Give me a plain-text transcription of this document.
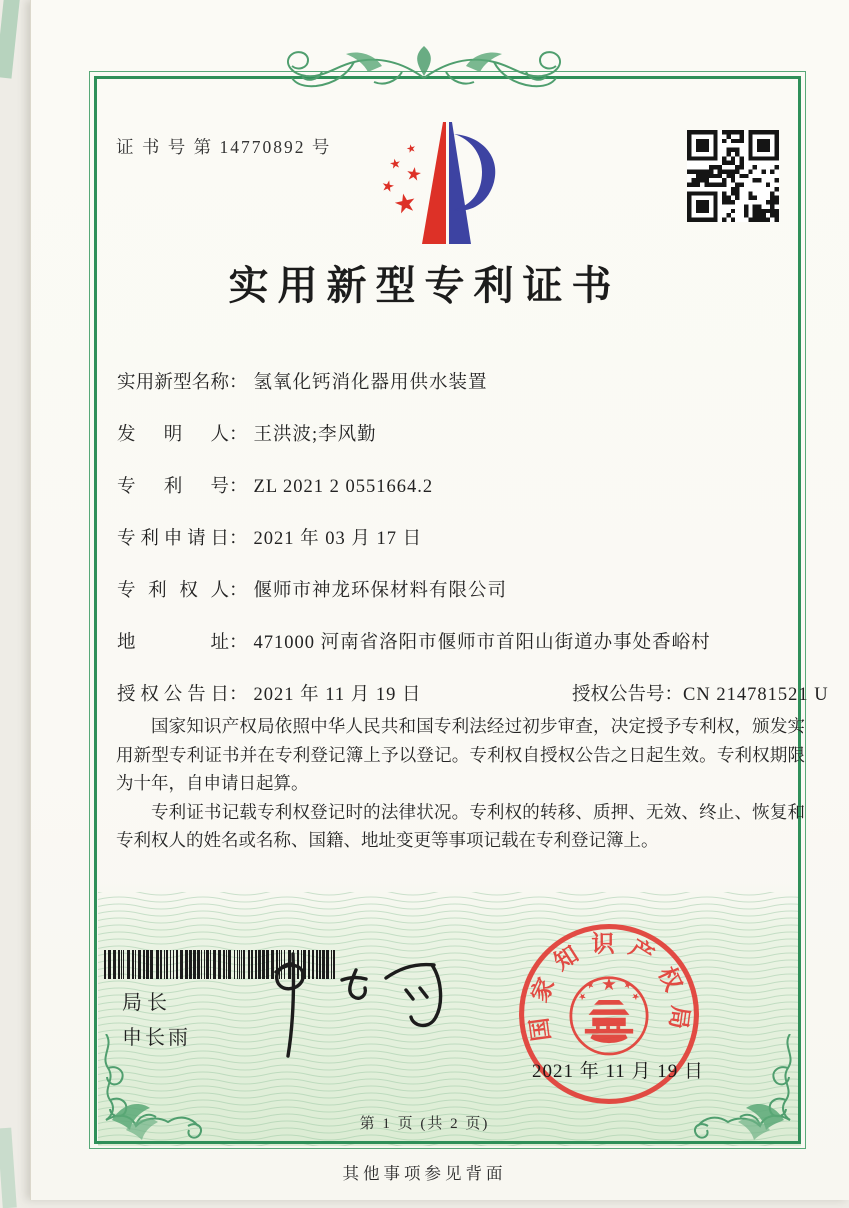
证 书 号 第 14770892 号	★
★
★
★
★
实用新型专利证书
实用新型名称： 氢氧化钙消化器用供水装置
发明人： 王洪波;李风勤
专利号： ZL 2021 2 0551664.2
专利申请日： 2021 年 03 月 17 日
专利权人： 偃师市神龙环保材料有限公司
地址： 471000 河南省洛阳市偃师市首阳山街道办事处香峪村
授权公告日： 2021 年 11 月 19 日	授权公告号：CN 214781521 U

国家知识产权局依照中华人民共和国专利法经过初步审查，决定授予专利权，颁发实用新型专利证书并在专利登记簿上予以登记。专利权自授权公告之日起生效。专利权期限为十年，自申请日起算。

专利证书记载专利权登记时的法律状况。专利权的转移、质押、无效、终止、恢复和专利权人的姓名或名称、国籍、地址变更等事项记载在专利登记簿上。

局长
申长雨	国家知识产权局
★
★
★
★
★
2021 年 11 月 19 日
第 1 页 (共 2 页)
其他事项参见背面
